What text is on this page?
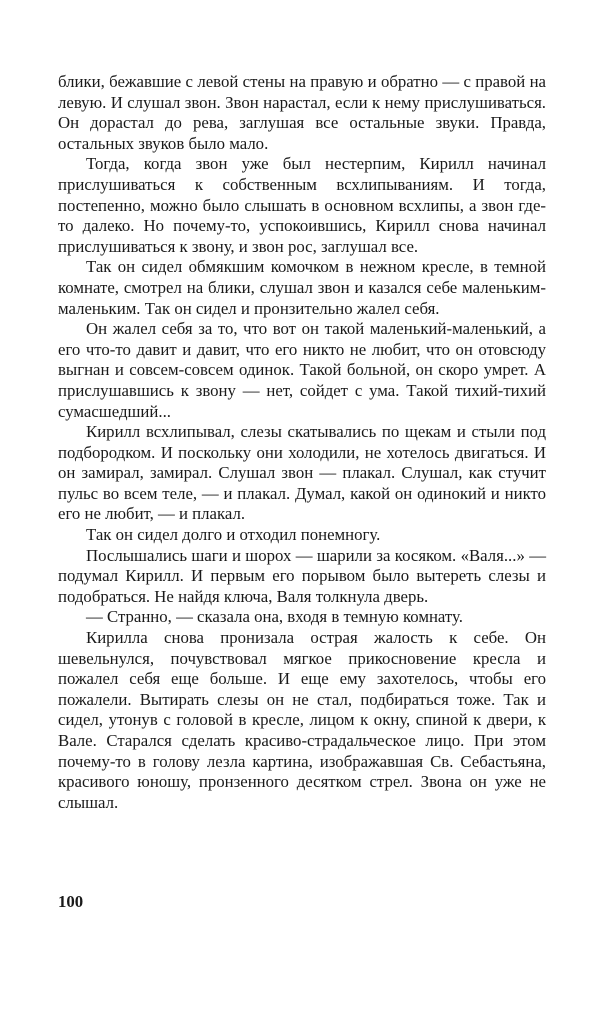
блики, бежавшие с левой стены на правую и обратно — с правой на левую. И слушал звон. Звон нарастал, если к нему прислушиваться. Он дорастал до рева, заглушая все остальные звуки. Правда, остальных звуков было мало.

Тогда, когда звон уже был нестерпим, Кирилл начинал прислушиваться к собственным всхлипываниям. И тогда, постепенно, можно было слышать в основном всхлипы, а звон где-то далеко. Но почему-то, успокоившись, Кирилл снова начинал прислушиваться к звону, и звон рос, заглушал все.

Так он сидел обмякшим комочком в нежном кресле, в темной комнате, смотрел на блики, слушал звон и казался себе маленьким-маленьким. Так он сидел и пронзительно жалел себя.

Он жалел себя за то, что вот он такой маленький-маленький, а его что-то давит и давит, что его никто не любит, что он отовсюду выгнан и совсем-совсем одинок. Такой больной, он скоро умрет. А прислушавшись к звону — нет, сойдет с ума. Такой тихий-тихий сумасшедший...

Кирилл всхлипывал, слезы скатывались по щекам и стыли под подбородком. И поскольку они холодили, не хотелось двигаться. И он замирал, замирал. Слушал звон — плакал. Слушал, как стучит пульс во всем теле, — и плакал. Думал, какой он одинокий и никто его не любит, — и плакал.

Так он сидел долго и отходил понемногу.

Послышались шаги и шорох — шарили за косяком. «Валя...» — подумал Кирилл. И первым его порывом было вытереть слезы и подобраться. Не найдя ключа, Валя толкнула дверь.

— Странно, — сказала она, входя в темную комнату.

Кирилла снова пронизала острая жалость к себе. Он шевельнулся, почувствовал мягкое прикосновение кресла и пожалел себя еще больше. И еще ему захотелось, чтобы его пожалели. Вытирать слезы он не стал, подбираться тоже. Так и сидел, утонув с головой в кресле, лицом к окну, спиной к двери, к Вале. Старался сделать красиво-страдальческое лицо. При этом почему-то в голову лезла картина, изображавшая Св. Себастьяна, красивого юношу, пронзенного десятком стрел. Звона он уже не слышал.

100
